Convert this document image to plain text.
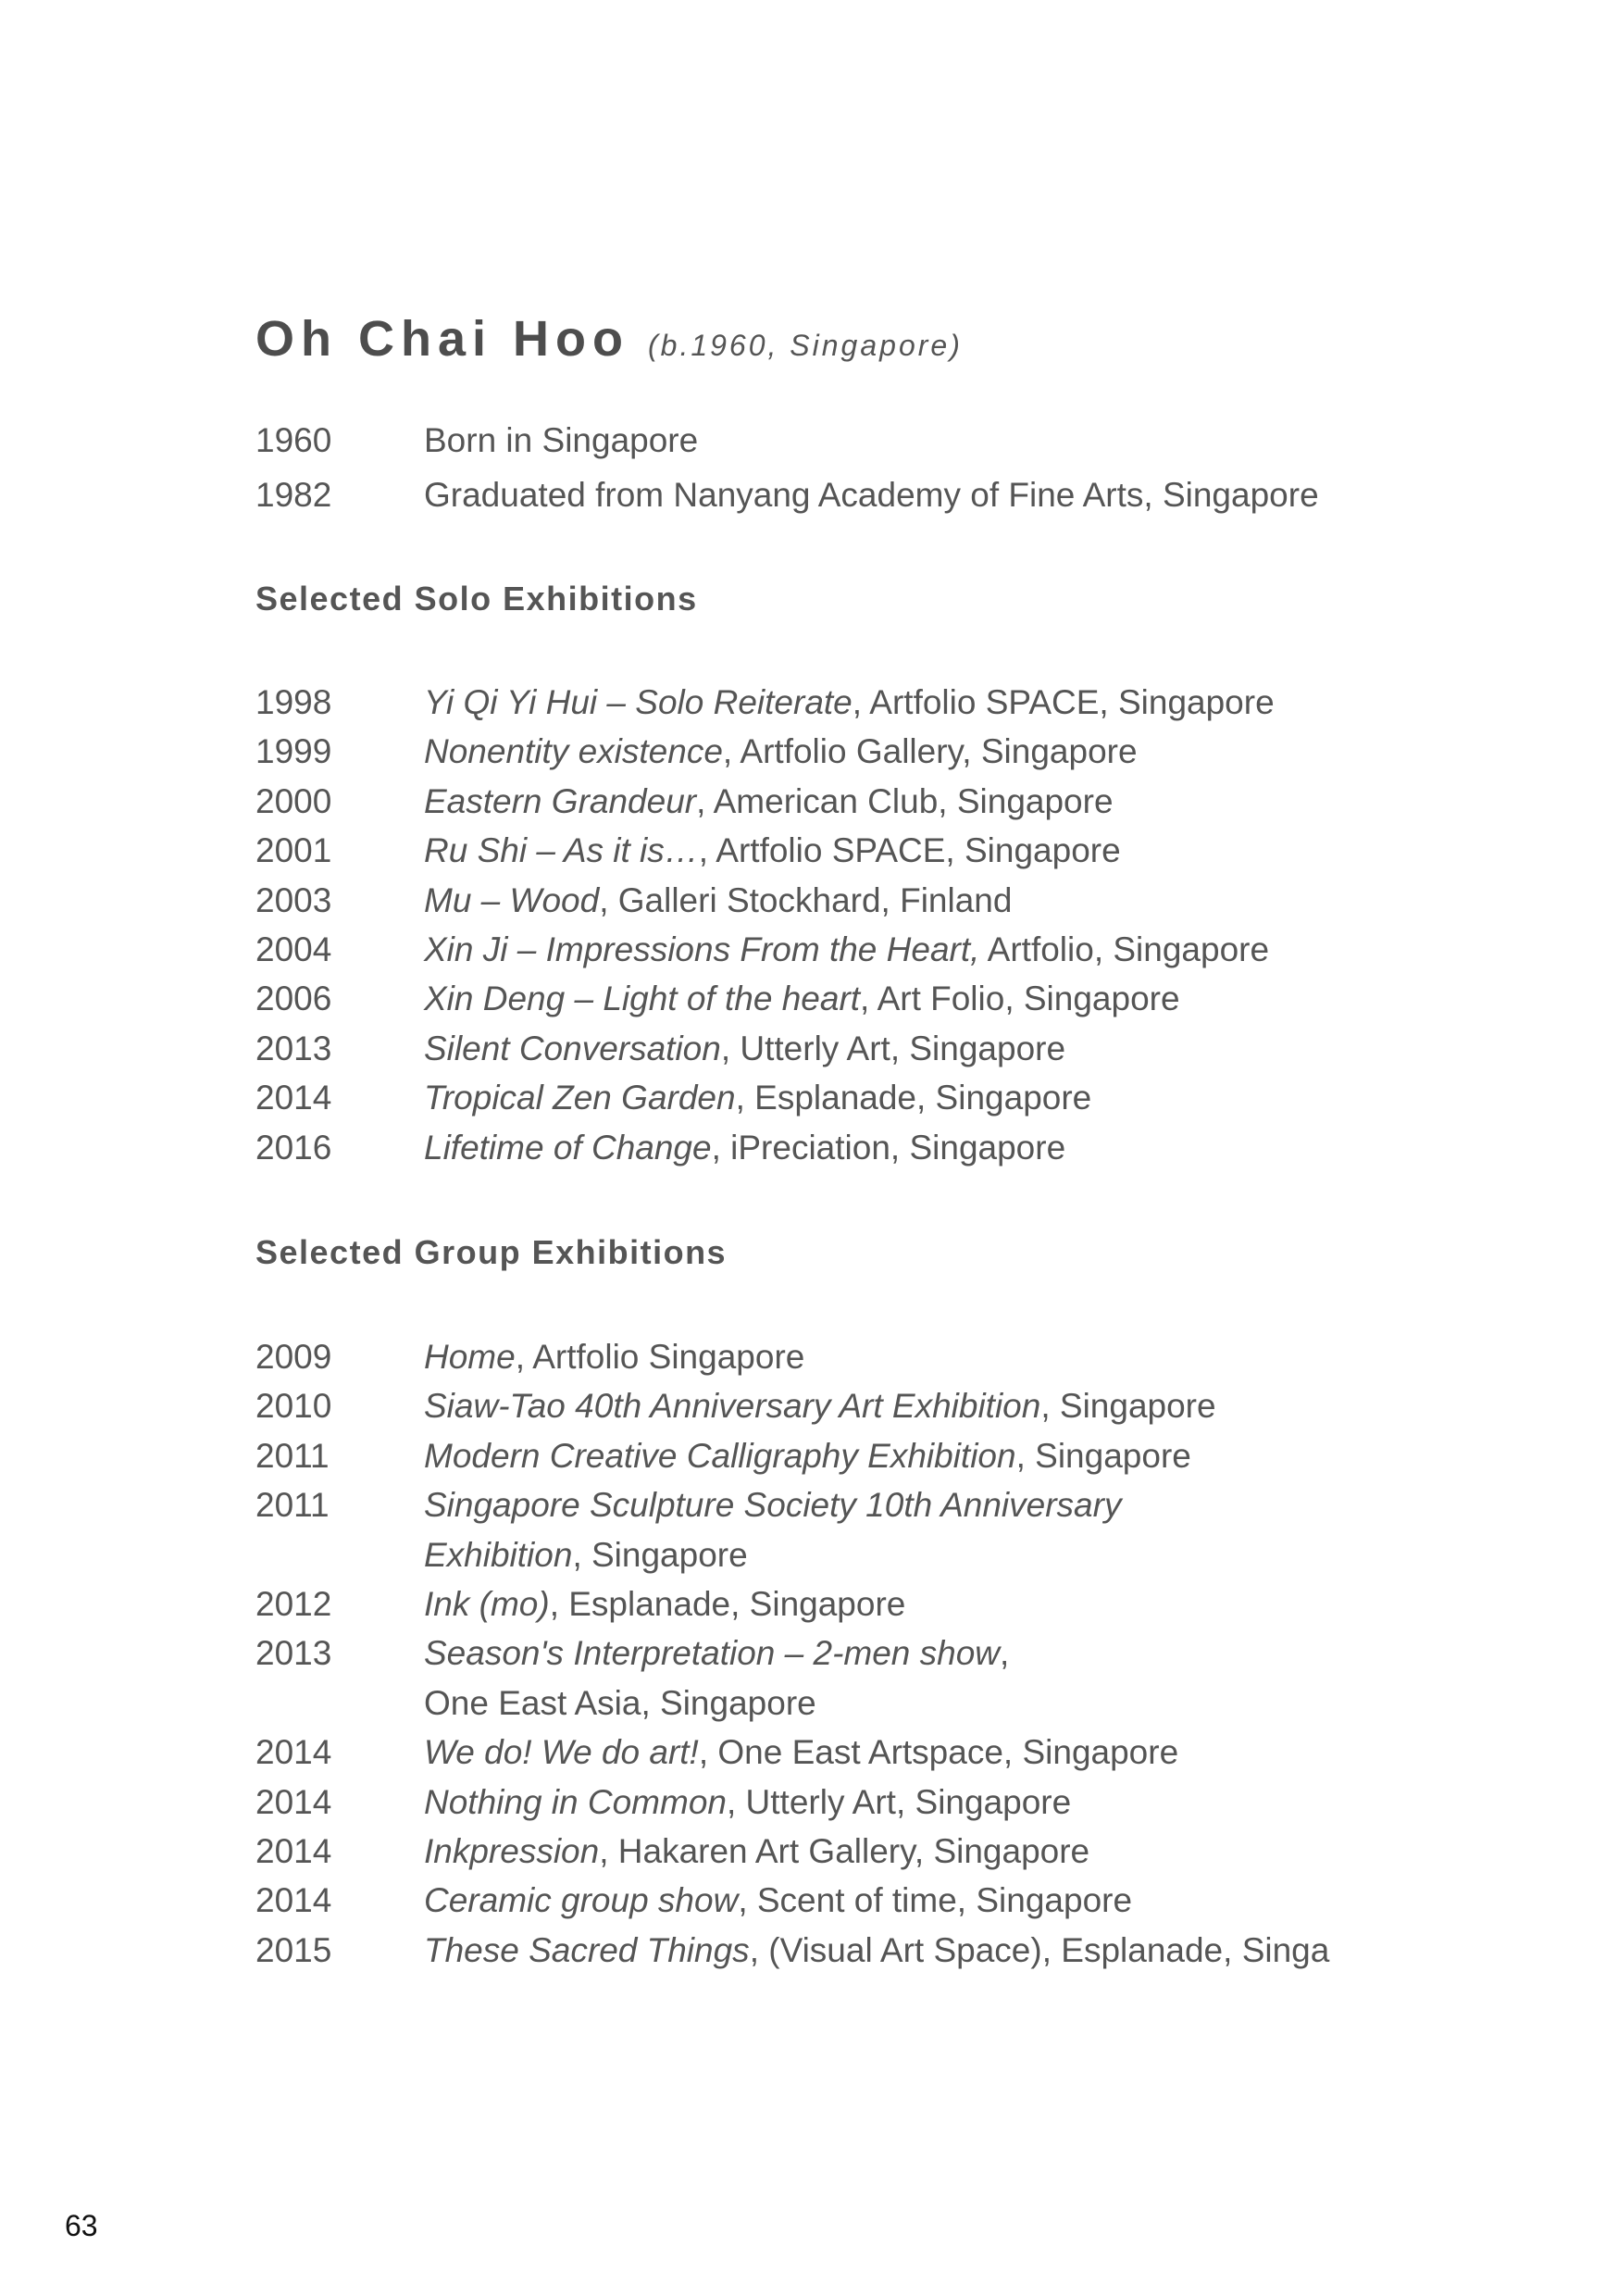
Oh Chai Hoo (b.1960, Singapore)
1960	Born in Singapore
1982	Graduated from Nanyang Academy of Fine Arts, Singapore
Selected Solo Exhibitions
1998	Yi Qi Yi Hui – Solo Reiterate, Artfolio SPACE, Singapore
1999	Nonentity existence, Artfolio Gallery, Singapore
2000	Eastern Grandeur, American Club, Singapore
2001	Ru Shi – As it is…, Artfolio SPACE, Singapore
2003	Mu – Wood, Galleri Stockhard, Finland
2004	Xin Ji – Impressions From the Heart, Artfolio, Singapore
2006	Xin Deng – Light of the heart, Art Folio, Singapore
2013	Silent Conversation, Utterly Art, Singapore
2014	Tropical Zen Garden, Esplanade, Singapore
2016	Lifetime of Change, iPreciation, Singapore
Selected Group Exhibitions
2009	Home, Artfolio Singapore
2010	Siaw-Tao 40th Anniversary Art Exhibition, Singapore
2011	Modern Creative Calligraphy Exhibition, Singapore
2011	Singapore Sculpture Society 10th Anniversary
Exhibition, Singapore
2012	Ink (mo), Esplanade, Singapore
2013	Season's Interpretation – 2-men show,
One East Asia, Singapore
2014	We do! We do art!, One East Artspace, Singapore
2014	Nothing in Common, Utterly Art, Singapore
2014	Inkpression, Hakaren Art Gallery, Singapore
2014	Ceramic group show, Scent of time, Singapore
2015	These Sacred Things, (Visual Art Space), Esplanade, Singa
63
